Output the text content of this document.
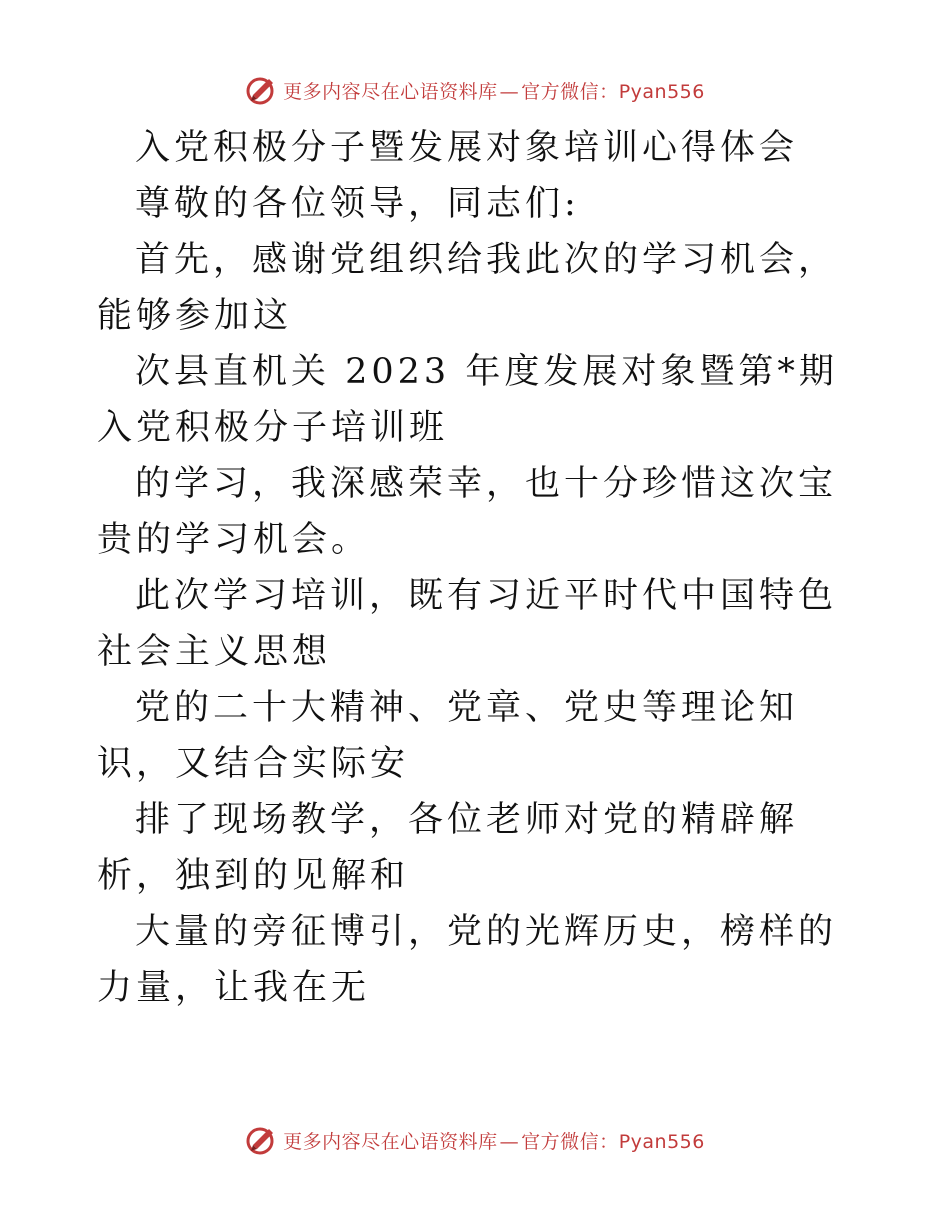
更多内容尽在心语资料库 — 官方微信：Pyan556

入党积极分子暨发展对象培训心得体会

尊敬的各位领导，同志们:

首先，感谢党组织给我此次的学习机会，能够参加这

次县直机关 2023 年度发展对象暨第*期入党积极分子培训班

的学习，我深感荣幸，也十分珍惜这次宝贵的学习机会。

此次学习培训，既有习近平时代中国特色社会主义思想

党的二十大精神、党章、党史等理论知识，又结合实际安

排了现场教学，各位老师对党的精辟解析，独到的见解和

大量的旁征博引，党的光辉历史，榜样的力量，让我在无

更多内容尽在心语资料库 — 官方微信：Pyan556
